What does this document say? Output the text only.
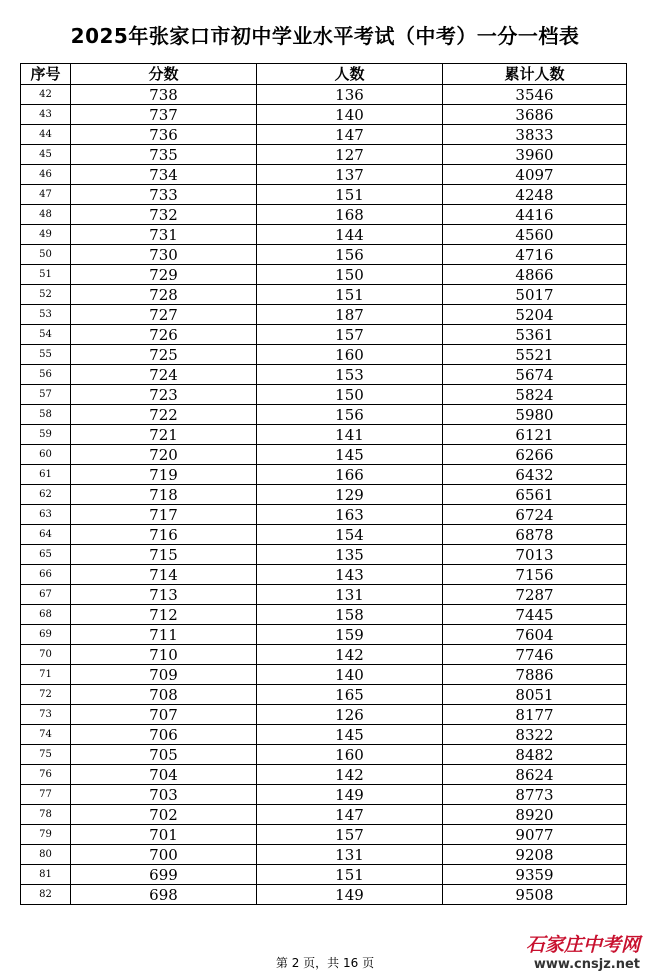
2025年张家口市初中学业水平考试（中考）一分一档表
序号	分数	人数	累计人数
42	738	136	3546
43	737	140	3686
44	736	147	3833
45	735	127	3960
46	734	137	4097
47	733	151	4248
48	732	168	4416
49	731	144	4560
50	730	156	4716
51	729	150	4866
52	728	151	5017
53	727	187	5204
54	726	157	5361
55	725	160	5521
56	724	153	5674
57	723	150	5824
58	722	156	5980
59	721	141	6121
60	720	145	6266
61	719	166	6432
62	718	129	6561
63	717	163	6724
64	716	154	6878
65	715	135	7013
66	714	143	7156
67	713	131	7287
68	712	158	7445
69	711	159	7604
70	710	142	7746
71	709	140	7886
72	708	165	8051
73	707	126	8177
74	706	145	8322
75	705	160	8482
76	704	142	8624
77	703	149	8773
78	702	147	8920
79	701	157	9077
80	700	131	9208
81	699	151	9359
82	698	149	9508
第 2 页，共 16 页
石家庄中考网
www.cnsjz.net
